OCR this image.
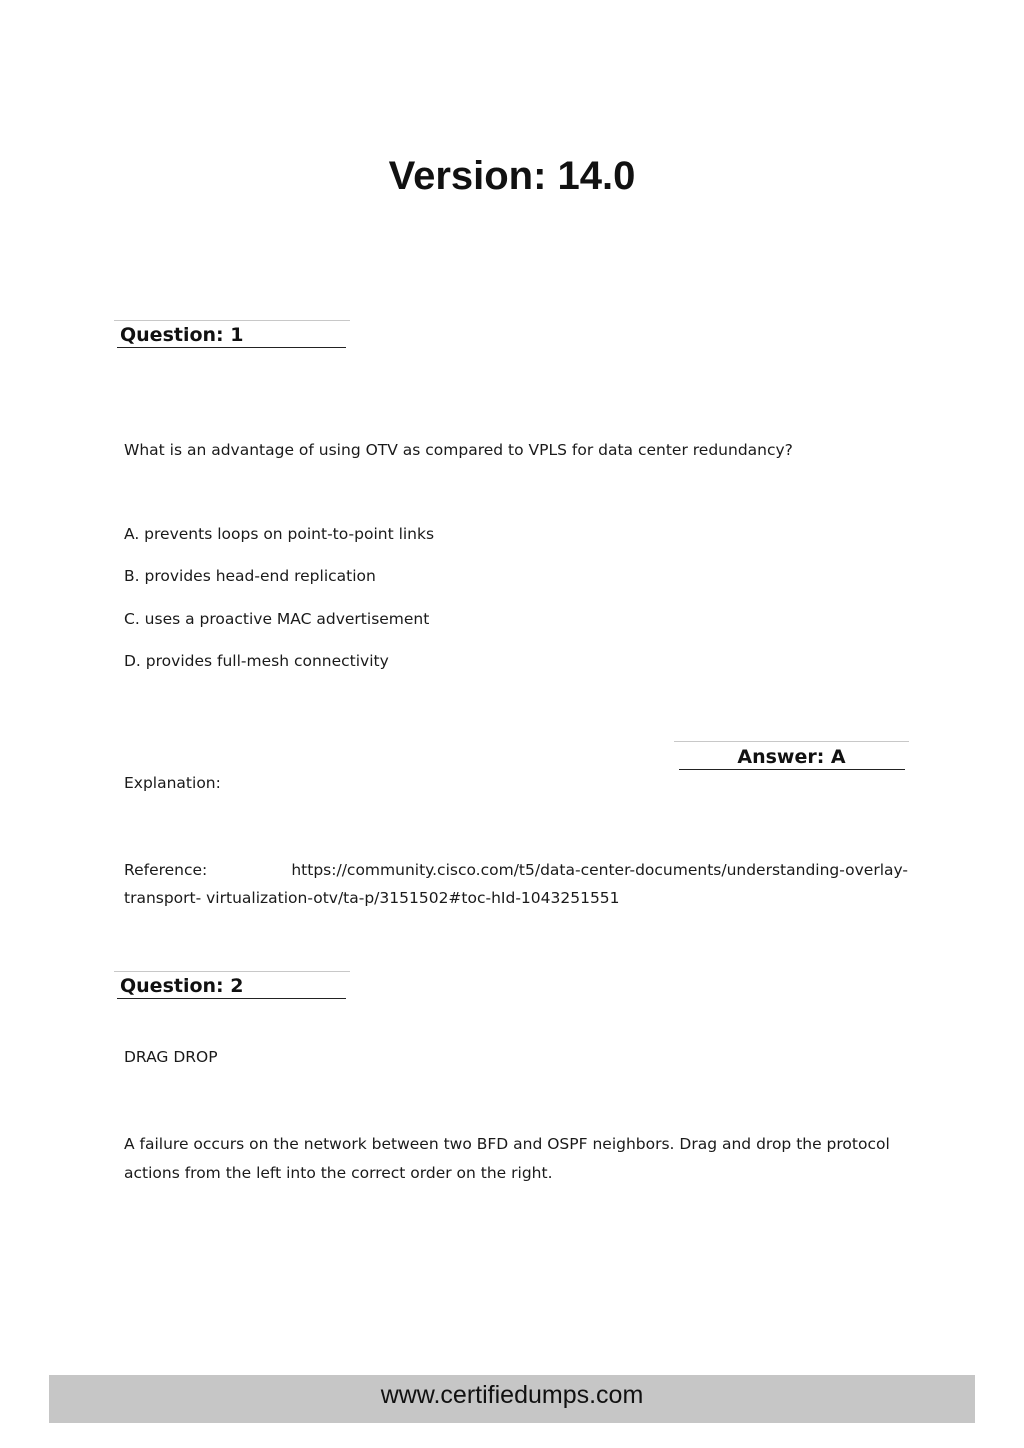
Version: 14.0
Question: 1
What is an advantage of using OTV as compared to VPLS for data center redundancy?
A. prevents loops on point-to-point links
B. provides head-end replication
C. uses a proactive MAC advertisement
D. provides full-mesh connectivity
Answer: A
Explanation:
Reference:	https://community.cisco.com/t5/data-center-documents/understanding-overlay-
transport- virtualization-otv/ta-p/3151502#toc-hId-1043251551
Question: 2
DRAG DROP
A failure occurs on the network between two BFD and OSPF neighbors. Drag and drop the protocol
actions from the left into the correct order on the right.
www.certifiedumps.com
